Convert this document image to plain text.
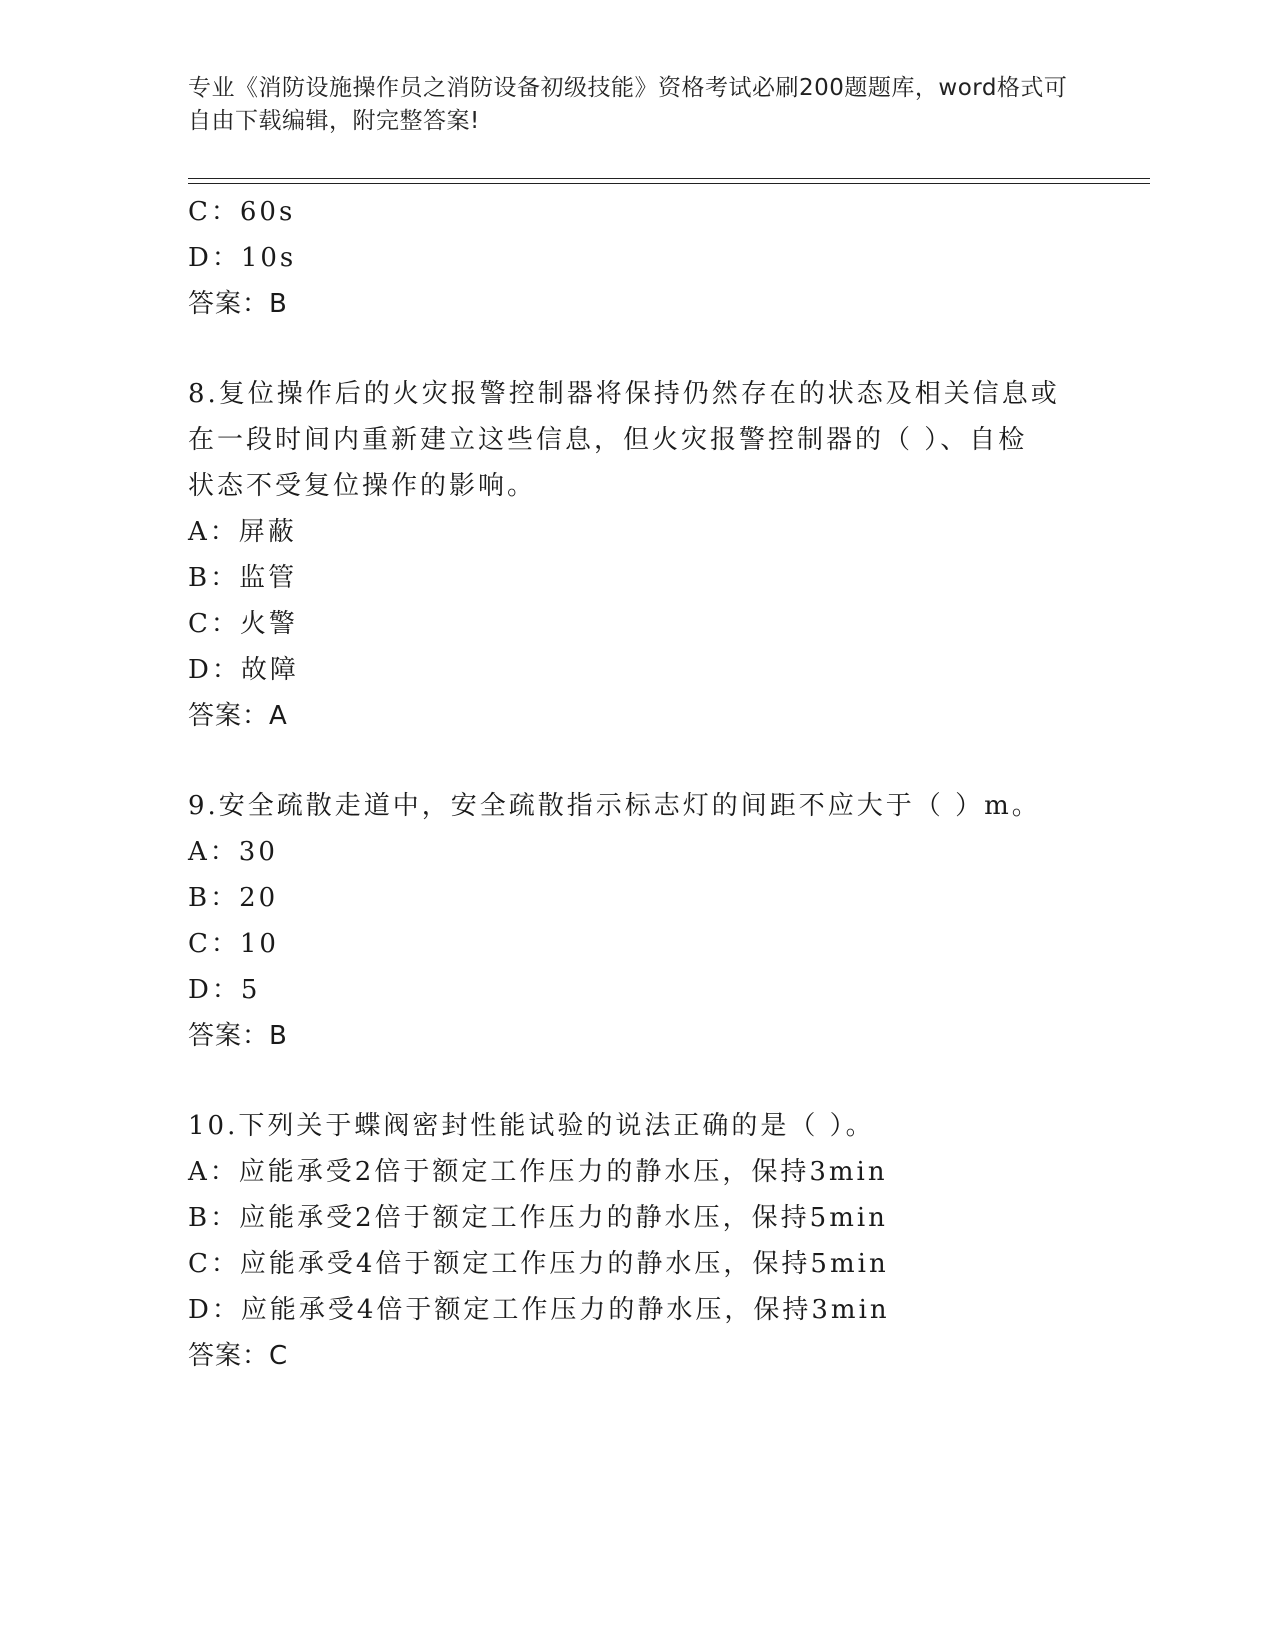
专业《消防设施操作员之消防设备初级技能》资格考试必刷200题题库，word格式可自由下载编辑，附完整答案!
C：60s
D：10s
答案：B
8.复位操作后的火灾报警控制器将保持仍然存在的状态及相关信息或
在一段时间内重新建立这些信息，但火灾报警控制器的（ ）、自检
状态不受复位操作的影响。
A：屏蔽
B：监管
C：火警
D：故障
答案：A
9.安全疏散走道中，安全疏散指示标志灯的间距不应大于（ ）m。
A：30
B：20
C：10
D：5
答案：B
10.下列关于蝶阀密封性能试验的说法正确的是（ ）。
A：应能承受2倍于额定工作压力的静水压，保持3min
B：应能承受2倍于额定工作压力的静水压，保持5min
C：应能承受4倍于额定工作压力的静水压，保持5min
D：应能承受4倍于额定工作压力的静水压，保持3min
答案：C
